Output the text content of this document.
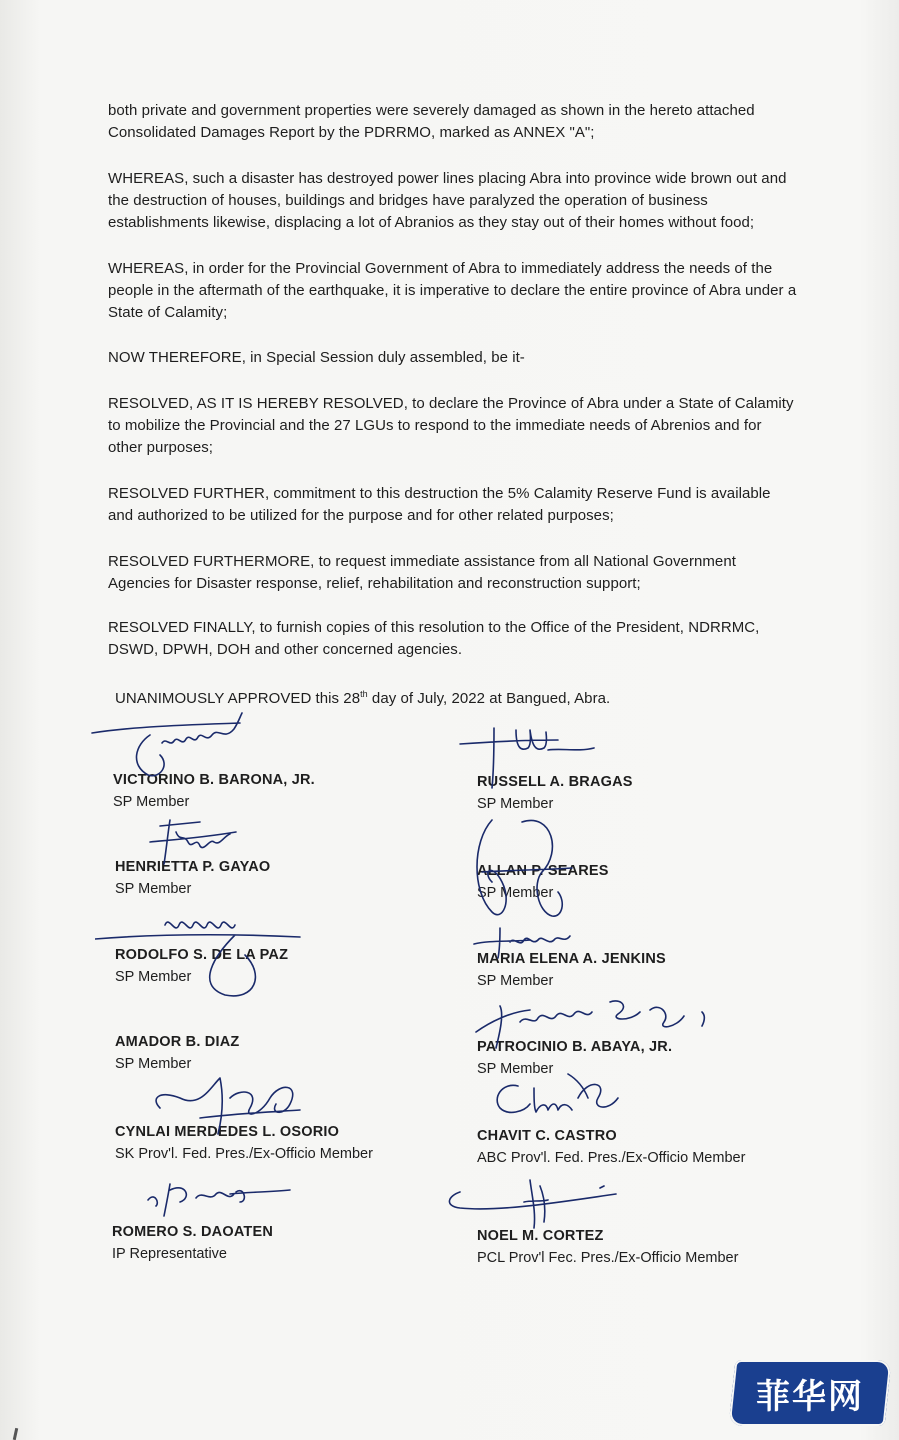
both private and government properties were severely damaged as shown in the hereto attached Consolidated Damages Report by the PDRRMO, marked as ANNEX "A";

WHEREAS, such a disaster has destroyed power lines placing Abra into province wide brown out and the destruction of houses, buildings and bridges have paralyzed the operation of business establishments likewise, displacing a lot of Abranios as they stay out of their homes without food;

WHEREAS, in order for the Provincial Government of Abra to immediately address the needs of the people in the aftermath of the earthquake, it is imperative to declare the entire province of Abra under a State of Calamity;

NOW THEREFORE, in Special Session duly assembled, be it-

RESOLVED, AS IT IS HEREBY RESOLVED, to declare the Province of Abra under a State of Calamity to mobilize the Provincial and the 27 LGUs to respond to the immediate needs of Abrenios and for other purposes;

RESOLVED FURTHER, commitment to this destruction the 5% Calamity Reserve Fund is available and authorized to be utilized for the purpose and for other related purposes;

RESOLVED FURTHERMORE, to request immediate assistance from all National Government Agencies for Disaster response, relief, rehabilitation and reconstruction support;

RESOLVED FINALLY, to furnish copies of this resolution to the Office of the President, NDRRMC, DSWD, DPWH, DOH and other concerned agencies.

UNANIMOUSLY APPROVED this 28th day of July, 2022 at Bangued, Abra.

VICTORINO B. BARONA, JR.
SP Member
HENRIETTA P. GAYAO
SP Member
RODOLFO S. DE LA PAZ
SP Member
AMADOR B. DIAZ
SP Member
CYNLAI MERDEDES L. OSORIO
SK Prov'l. Fed. Pres./Ex-Officio Member
ROMERO S. DAOATEN
IP Representative
RUSSELL A. BRAGAS
SP Member
ALLAN P. SEARES
SP Member
MARIA ELENA A. JENKINS
SP Member
PATROCINIO B. ABAYA, JR.
SP Member
CHAVIT C. CASTRO
ABC Prov'l. Fed. Pres./Ex-Officio Member
NOEL M. CORTEZ
PCL Prov'l Fec. Pres./Ex-Officio Member
菲华网
